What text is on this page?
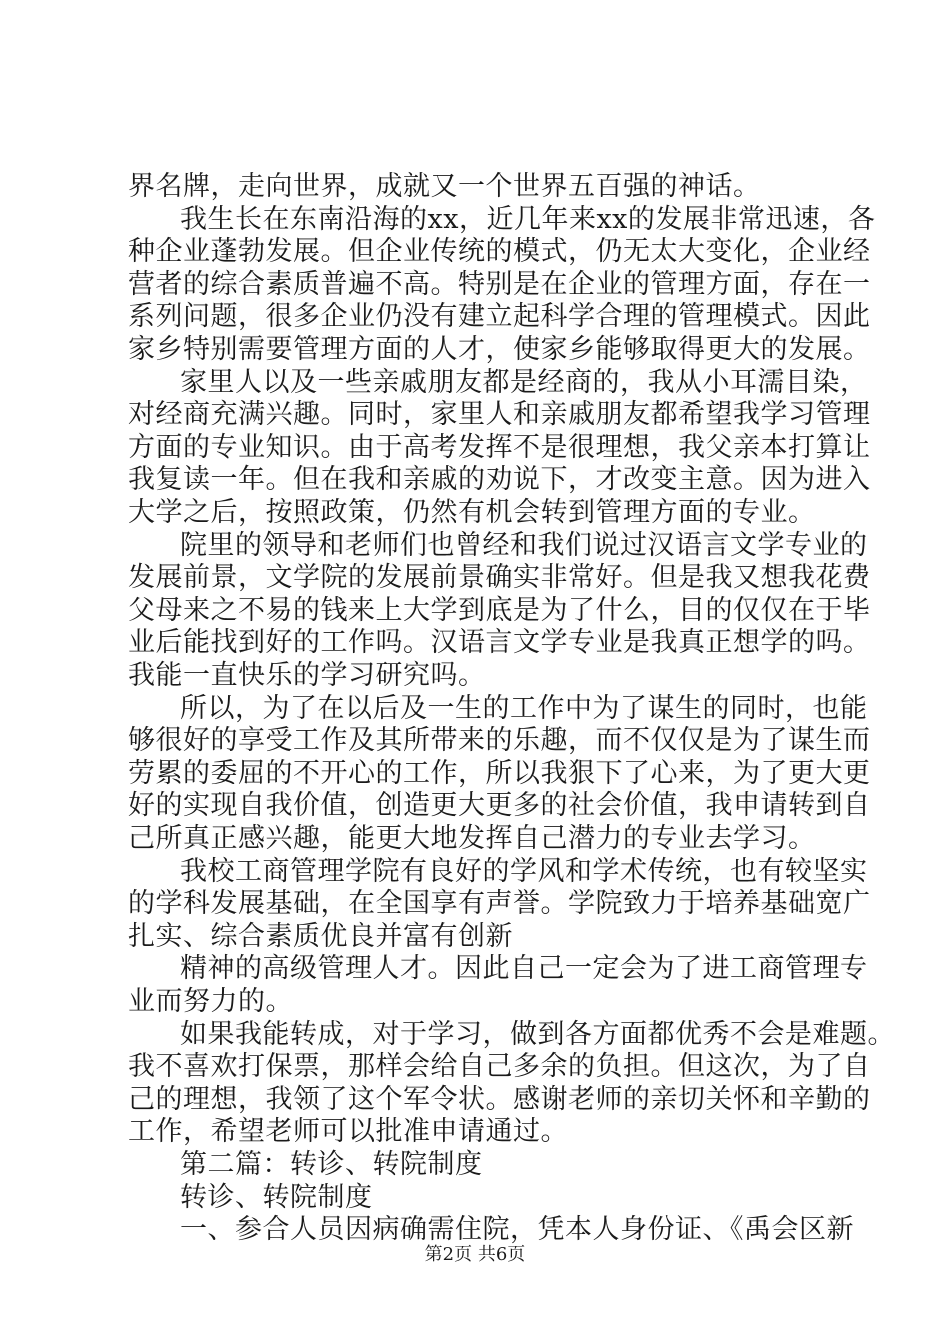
界名牌，走向世界，成就又一个世界五百强的神话。
我生长在东南沿海的xx，近几年来xx的发展非常迅速，各
种企业蓬勃发展。但企业传统的模式，仍无太大变化，企业经
营者的综合素质普遍不高。特别是在企业的管理方面，存在一
系列问题，很多企业仍没有建立起科学合理的管理模式。因此
家乡特别需要管理方面的人才，使家乡能够取得更大的发展。
家里人以及一些亲戚朋友都是经商的，我从小耳濡目染，
对经商充满兴趣。同时，家里人和亲戚朋友都希望我学习管理
方面的专业知识。由于高考发挥不是很理想，我父亲本打算让
我复读一年。但在我和亲戚的劝说下，才改变主意。因为进入
大学之后，按照政策，仍然有机会转到管理方面的专业。
院里的领导和老师们也曾经和我们说过汉语言文学专业的
发展前景，文学院的发展前景确实非常好。但是我又想我花费
父母来之不易的钱来上大学到底是为了什么，目的仅仅在于毕
业后能找到好的工作吗。汉语言文学专业是我真正想学的吗。
我能一直快乐的学习研究吗。
所以，为了在以后及一生的工作中为了谋生的同时，也能
够很好的享受工作及其所带来的乐趣，而不仅仅是为了谋生而
劳累的委屈的不开心的工作，所以我狠下了心来，为了更大更
好的实现自我价值，创造更大更多的社会价值，我申请转到自
己所真正感兴趣，能更大地发挥自己潜力的专业去学习。
我校工商管理学院有良好的学风和学术传统，也有较坚实
的学科发展基础，在全国享有声誉。学院致力于培养基础宽广
扎实、综合素质优良并富有创新
精神的高级管理人才。因此自己一定会为了进工商管理专
业而努力的。
如果我能转成，对于学习，做到各方面都优秀不会是难题。
我不喜欢打保票，那样会给自己多余的负担。但这次，为了自
己的理想，我领了这个军令状。感谢老师的亲切关怀和辛勤的
工作，希望老师可以批准申请通过。
第二篇：转诊、转院制度
转诊、转院制度
一、参合人员因病确需住院，凭本人身份证、《禹会区新
第2页 共6页
